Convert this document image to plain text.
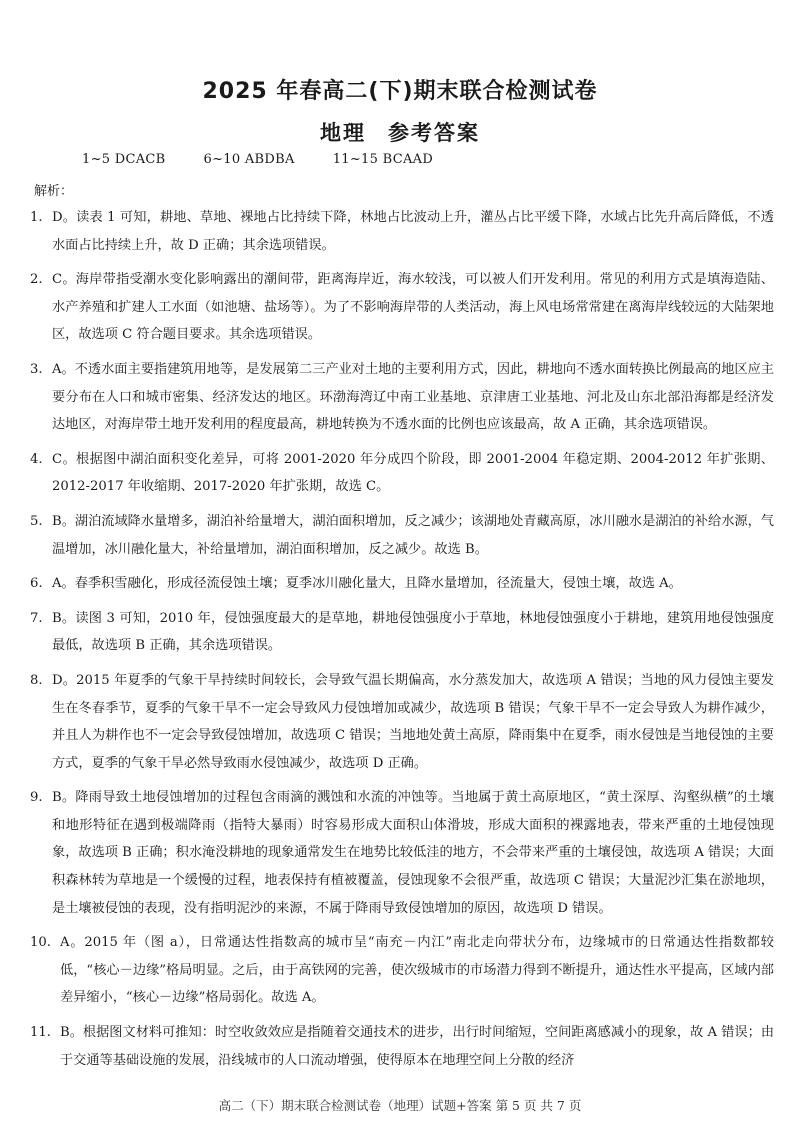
2025 年春高二(下)期末联合检测试卷
地理 参考答案
1~5 DCACB	6~10 ABDBA	11~15 BCAAD
解析：
1. D。读表 1 可知，耕地、草地、裸地占比持续下降，林地占比波动上升，灌丛占比平缓下降，水域占比先升高后降低，不透水面占比持续上升，故 D 正确；其余选项错误。
2. C。海岸带指受潮水变化影响露出的潮间带，距离海岸近，海水较浅，可以被人们开发利用。常见的利用方式是填海造陆、水产养殖和扩建人工水面（如池塘、盐场等）。为了不影响海岸带的人类活动，海上风电场常常建在离海岸线较远的大陆架地区，故选项 C 符合题目要求。其余选项错误。
3. A。不透水面主要指建筑用地等，是发展第二三产业对土地的主要利用方式，因此，耕地向不透水面转换比例最高的地区应主要分布在人口和城市密集、经济发达的地区。环渤海湾辽中南工业基地、京津唐工业基地、河北及山东北部沿海都是经济发达地区，对海岸带土地开发利用的程度最高，耕地转换为不透水面的比例也应该最高，故 A 正确，其余选项错误。
4. C。根据图中湖泊面积变化差异，可将 2001-2020 年分成四个阶段，即 2001-2004 年稳定期、2004-2012 年扩张期、2012-2017 年收缩期、2017-2020 年扩张期，故选 C。
5. B。湖泊流域降水量增多，湖泊补给量增大，湖泊面积增加，反之减少；该湖地处青藏高原，冰川融水是湖泊的补给水源，气温增加，冰川融化量大，补给量增加，湖泊面积增加，反之减少。故选 B。
6. A。春季积雪融化，形成径流侵蚀土壤；夏季冰川融化量大，且降水量增加，径流量大，侵蚀土壤，故选 A。
7. B。读图 3 可知，2010 年，侵蚀强度最大的是草地，耕地侵蚀强度小于草地，林地侵蚀强度小于耕地，建筑用地侵蚀强度最低，故选项 B 正确，其余选项错误。
8. D。2015 年夏季的气象干旱持续时间较长，会导致气温长期偏高，水分蒸发加大，故选项 A 错误；当地的风力侵蚀主要发生在冬春季节，夏季的气象干旱不一定会导致风力侵蚀增加或减少，故选项 B 错误；气象干旱不一定会导致人为耕作减少，并且人为耕作也不一定会导致侵蚀增加，故选项 C 错误；当地地处黄土高原，降雨集中在夏季，雨水侵蚀是当地侵蚀的主要方式，夏季的气象干旱必然导致雨水侵蚀减少，故选项 D 正确。
9. B。降雨导致土地侵蚀增加的过程包含雨滴的溅蚀和水流的冲蚀等。当地属于黄土高原地区，“黄土深厚、沟壑纵横”的土壤和地形特征在遇到极端降雨（指特大暴雨）时容易形成大面积山体滑坡，形成大面积的裸露地表，带来严重的土地侵蚀现象，故选项 B 正确；积水淹没耕地的现象通常发生在地势比较低洼的地方，不会带来严重的土壤侵蚀，故选项 A 错误；大面积森林转为草地是一个缓慢的过程，地表保持有植被覆盖，侵蚀现象不会很严重，故选项 C 错误；大量泥沙汇集在淤地坝，是土壤被侵蚀的表现，没有指明泥沙的来源，不属于降雨导致侵蚀增加的原因，故选项 D 错误。
10. A。2015 年（图 a），日常通达性指数高的城市呈“南充－内江”南北走向带状分布，边缘城市的日常通达性指数都较低，“核心－边缘”格局明显。之后，由于高铁网的完善，使次级城市的市场潜力得到不断提升，通达性水平提高，区域内部差异缩小，“核心－边缘”格局弱化。故选 A。
11. B。根据图文材料可推知：时空收敛效应是指随着交通技术的进步，出行时间缩短，空间距离感减小的现象，故 A 错误；由于交通等基础设施的发展，沿线城市的人口流动增强，使得原本在地理空间上分散的经济
高二（下）期末联合检测试卷（地理）试题+答案 第 5 页 共 7 页
